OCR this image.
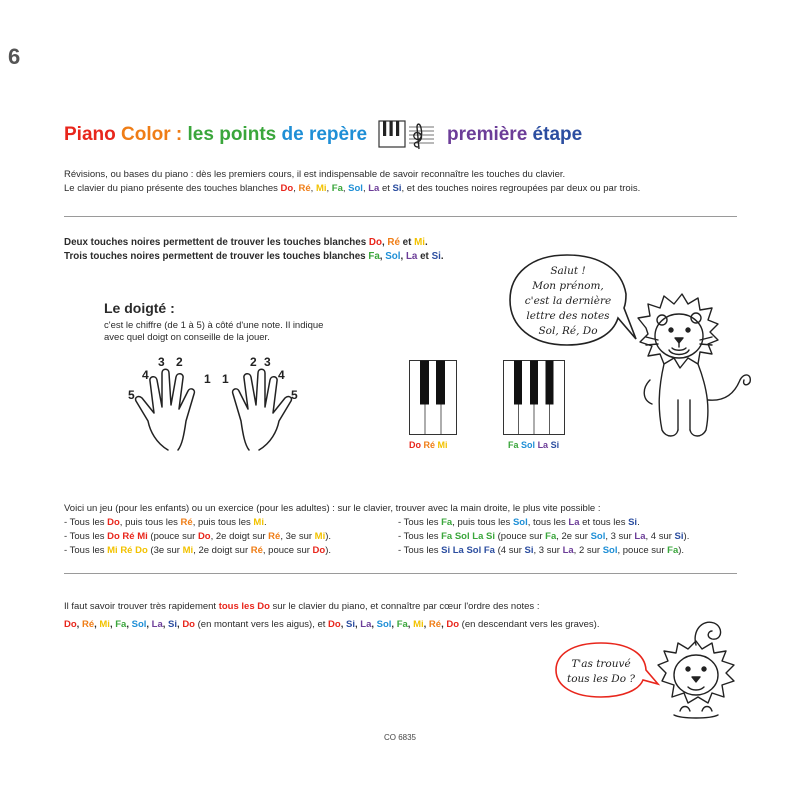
6
Piano Color : les points de repère	première étape
Révisions, ou bases du piano : dès les premiers cours, il est indispensable de savoir reconnaître les touches du clavier.
Le clavier du piano présente des touches blanches Do, Ré, Mi, Fa, Sol, La et Si, et des touches noires regroupées par deux ou par trois.
Deux touches noires permettent de trouver les touches blanches Do, Ré et Mi.
Trois touches noires permettent de trouver les touches blanches Fa, Sol, La et Si.
Salut !
Mon prénom,
c'est la dernière
lettre des notes
Sol, Ré, Do
Le doigté :
c'est le chiffre (de 1 à 5) à côté d'une note. Il indique
avec quel doigt on conseille de la jouer.
5
4
3 2
1 1
2 3
4
5
Do Ré Mi	Fa Sol La Si
Voici un jeu (pour les enfants) ou un exercice (pour les adultes) : sur le clavier, trouver avec la main droite, le plus vite possible :
- Tous les Do, puis tous les Ré, puis tous les Mi.
- Tous les Do Ré Mi (pouce sur Do, 2e doigt sur Ré, 3e sur Mi).
- Tous les Mi Ré Do (3e sur Mi, 2e doigt sur Ré, pouce sur Do).
- Tous les Fa, puis tous les Sol, tous les La et tous les Si.
- Tous les Fa Sol La Si (pouce sur Fa, 2e sur Sol, 3 sur La, 4 sur Si).
- Tous les Si La Sol Fa (4 sur Si, 3 sur La, 2 sur Sol, pouce sur Fa).
Il faut savoir trouver très rapidement tous les Do sur le clavier du piano, et connaître par cœur l'ordre des notes :
Do, Ré, Mi, Fa, Sol, La, Si, Do (en montant vers les aigus), et Do, Si, La, Sol, Fa, Mi, Ré, Do (en descendant vers les graves).
T'as trouvé
tous les Do ?
CO 6835
